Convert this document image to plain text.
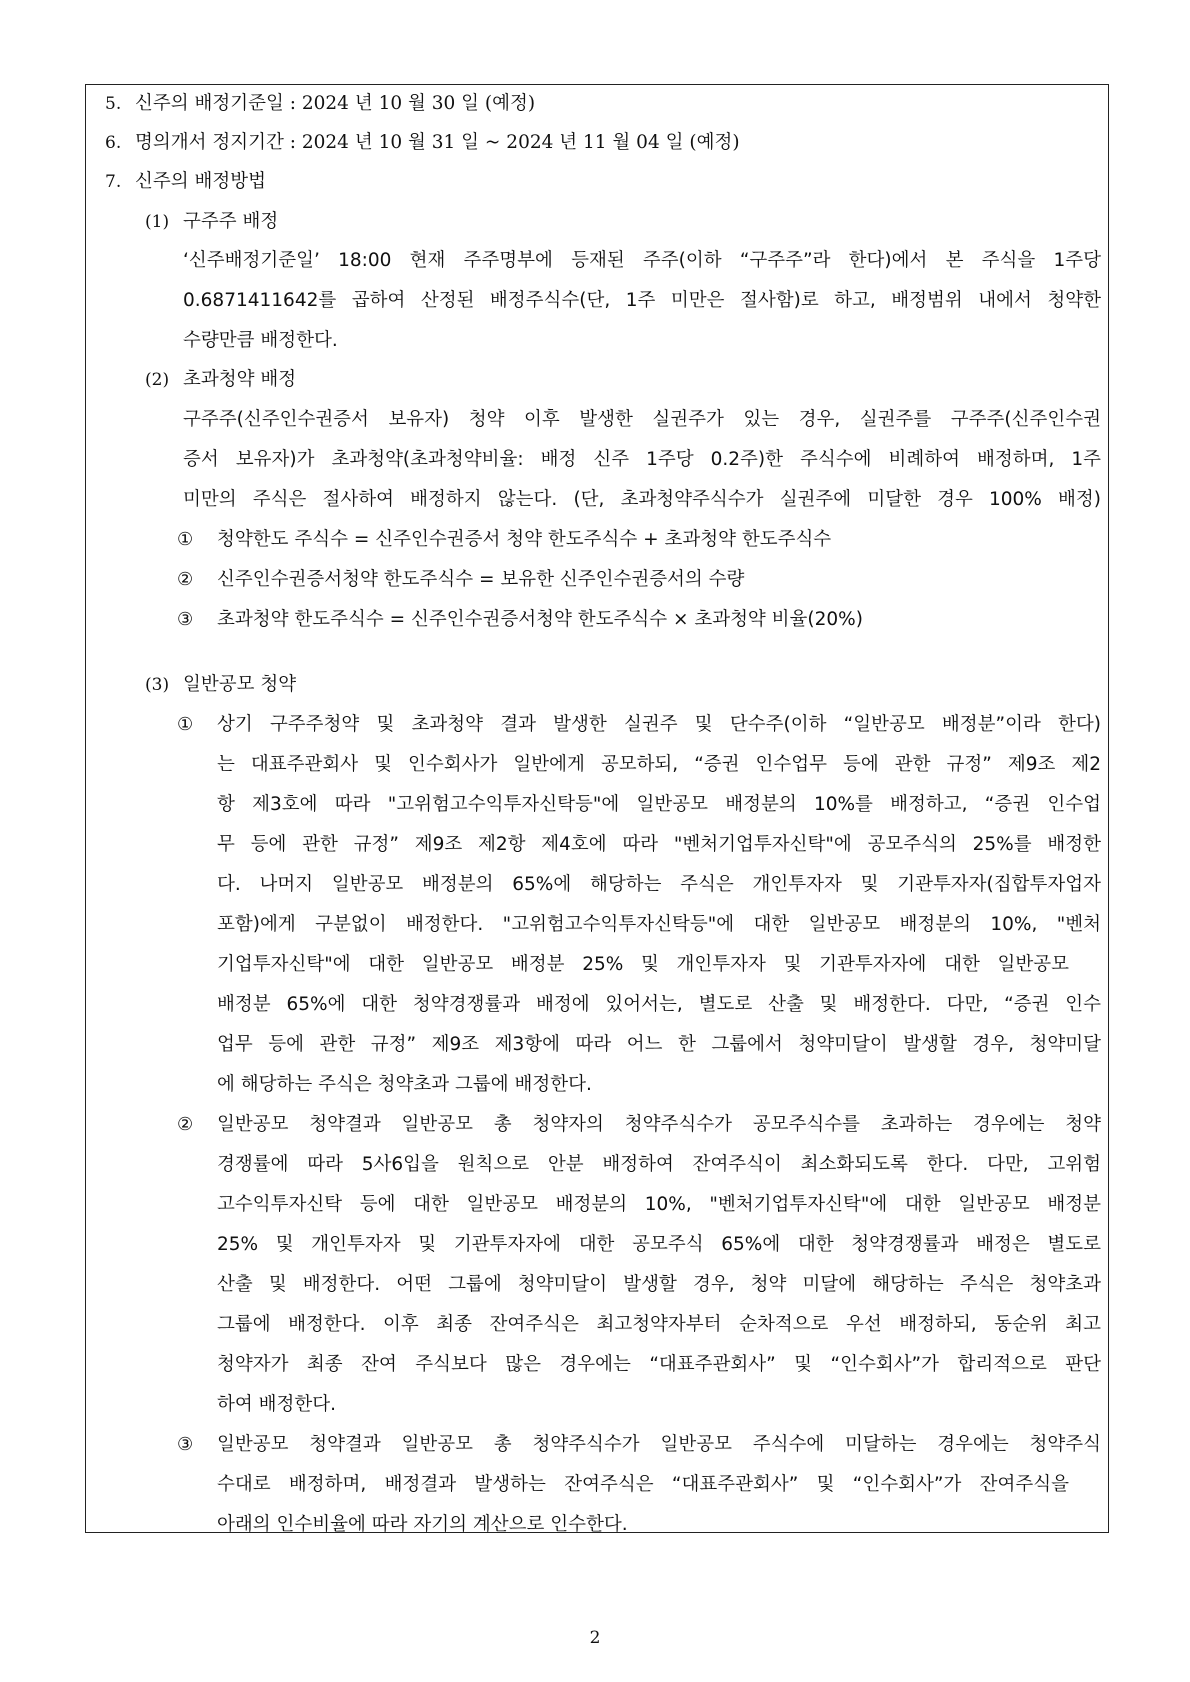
5. 신주의 배정기준일 : 2024 년 10 월 30 일 (예정)
6. 명의개서 정지기간 : 2024 년 10 월 31 일 ~ 2024 년 11 월 04 일 (예정)
7. 신주의 배정방법
(1) 구주주 배정
‘신주배정기준일’ 18:00 현재 주주명부에 등재된 주주(이하 “구주주”라 한다)에서 본 주식을 1주당
0.6871411642를 곱하여 산정된 배정주식수(단, 1주 미만은 절사함)로 하고, 배정범위 내에서 청약한
수량만큼 배정한다.
(2) 초과청약 배정
구주주(신주인수권증서 보유자) 청약 이후 발생한 실권주가 있는 경우, 실권주를 구주주(신주인수권
증서 보유자)가 초과청약(초과청약비율: 배정 신주 1주당 0.2주)한 주식수에 비례하여 배정하며, 1주
미만의 주식은 절사하여 배정하지 않는다. (단, 초과청약주식수가 실권주에 미달한 경우 100% 배정)
① 청약한도 주식수 = 신주인수권증서 청약 한도주식수 + 초과청약 한도주식수
② 신주인수권증서청약 한도주식수 = 보유한 신주인수권증서의 수량
③ 초과청약 한도주식수 = 신주인수권증서청약 한도주식수 × 초과청약 비율(20%)
(3) 일반공모 청약
① 상기 구주주청약 및 초과청약 결과 발생한 실권주 및 단수주(이하 “일반공모 배정분”이라 한다)
는 대표주관회사 및 인수회사가 일반에게 공모하되, “증권 인수업무 등에 관한 규정” 제9조 제2
항 제3호에 따라 "고위험고수익투자신탁등"에 일반공모 배정분의 10%를 배정하고, “증권 인수업
무 등에 관한 규정” 제9조 제2항 제4호에 따라 "벤처기업투자신탁"에 공모주식의 25%를 배정한
다. 나머지 일반공모 배정분의 65%에 해당하는 주식은 개인투자자 및 기관투자자(집합투자업자
포함)에게 구분없이 배정한다. "고위험고수익투자신탁등"에 대한 일반공모 배정분의 10%, "벤처
기업투자신탁"에 대한 일반공모 배정분 25% 및 개인투자자 및 기관투자자에 대한 일반공모
배정분 65%에 대한 청약경쟁률과 배정에 있어서는, 별도로 산출 및 배정한다. 다만, “증권 인수
업무 등에 관한 규정” 제9조 제3항에 따라 어느 한 그룹에서 청약미달이 발생할 경우, 청약미달
에 해당하는 주식은 청약초과 그룹에 배정한다.
② 일반공모 청약결과 일반공모 총 청약자의 청약주식수가 공모주식수를 초과하는 경우에는 청약
경쟁률에 따라 5사6입을 원칙으로 안분 배정하여 잔여주식이 최소화되도록 한다. 다만, 고위험
고수익투자신탁 등에 대한 일반공모 배정분의 10%, "벤처기업투자신탁"에 대한 일반공모 배정분
25% 및 개인투자자 및 기관투자자에 대한 공모주식 65%에 대한 청약경쟁률과 배정은 별도로
산출 및 배정한다. 어떤 그룹에 청약미달이 발생할 경우, 청약 미달에 해당하는 주식은 청약초과
그룹에 배정한다. 이후 최종 잔여주식은 최고청약자부터 순차적으로 우선 배정하되, 동순위 최고
청약자가 최종 잔여 주식보다 많은 경우에는 “대표주관회사” 및 “인수회사”가 합리적으로 판단
하여 배정한다.
③ 일반공모 청약결과 일반공모 총 청약주식수가 일반공모 주식수에 미달하는 경우에는 청약주식
수대로 배정하며, 배정결과 발생하는 잔여주식은 “대표주관회사” 및 “인수회사”가 잔여주식을
아래의 인수비율에 따라 자기의 계산으로 인수한다.
2
